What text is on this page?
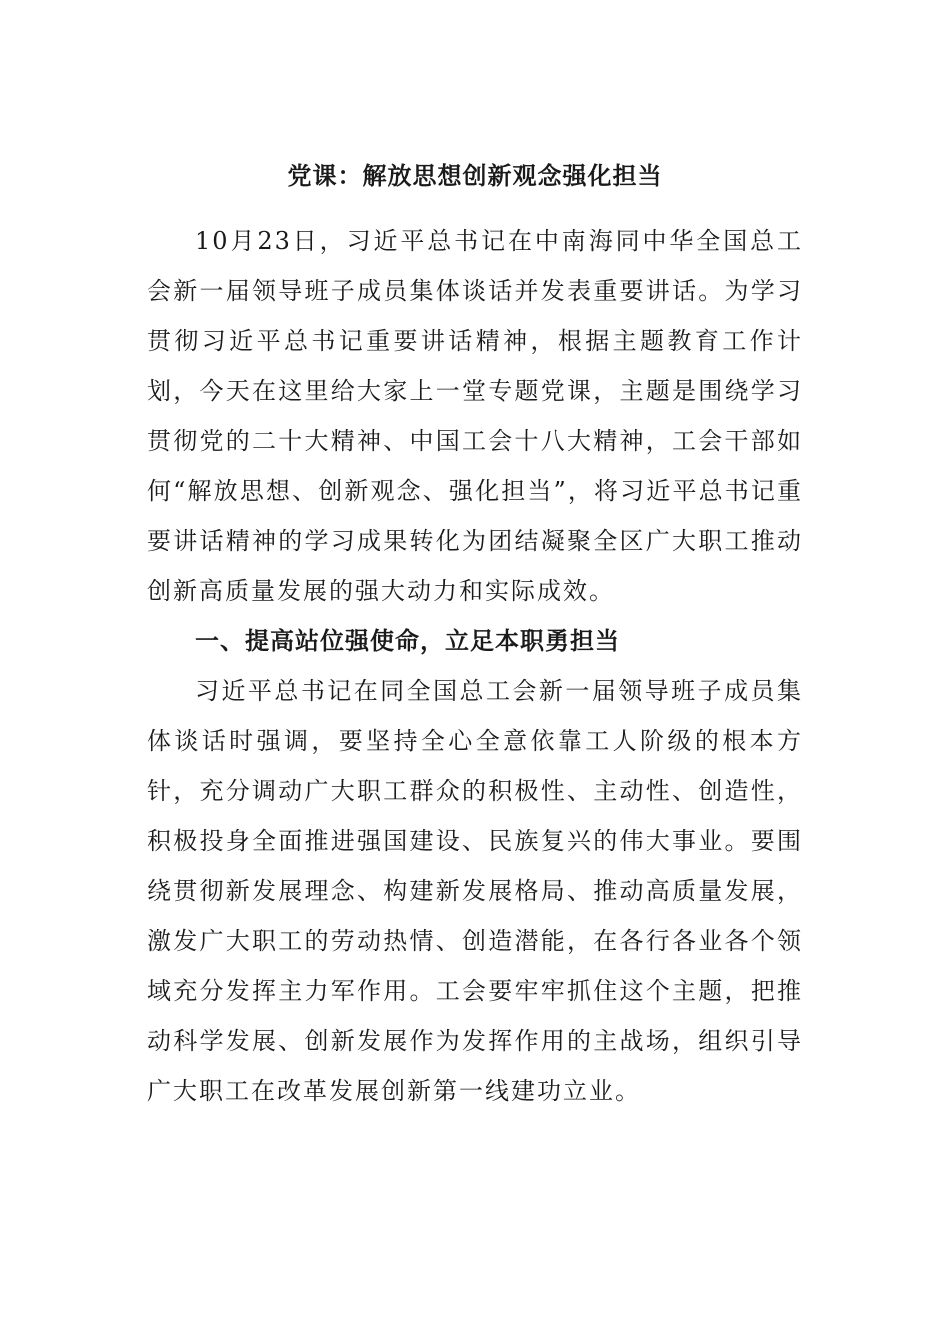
党课：解放思想创新观念强化担当

10月23日，习近平总书记在中南海同中华全国总工会新一届领导班子成员集体谈话并发表重要讲话。为学习贯彻习近平总书记重要讲话精神，根据主题教育工作计划，今天在这里给大家上一堂专题党课，主题是围绕学习贯彻党的二十大精神、中国工会十八大精神，工会干部如何“解放思想、创新观念、强化担当”，将习近平总书记重要讲话精神的学习成果转化为团结凝聚全区广大职工推动创新高质量发展的强大动力和实际成效。

一、提高站位强使命，立足本职勇担当

习近平总书记在同全国总工会新一届领导班子成员集体谈话时强调，要坚持全心全意依靠工人阶级的根本方针，充分调动广大职工群众的积极性、主动性、创造性，积极投身全面推进强国建设、民族复兴的伟大事业。要围绕贯彻新发展理念、构建新发展格局、推动高质量发展，激发广大职工的劳动热情、创造潜能，在各行各业各个领域充分发挥主力军作用。工会要牢牢抓住这个主题，把推动科学发展、创新发展作为发挥作用的主战场，组织引导广大职工在改革发展创新第一线建功立业。
